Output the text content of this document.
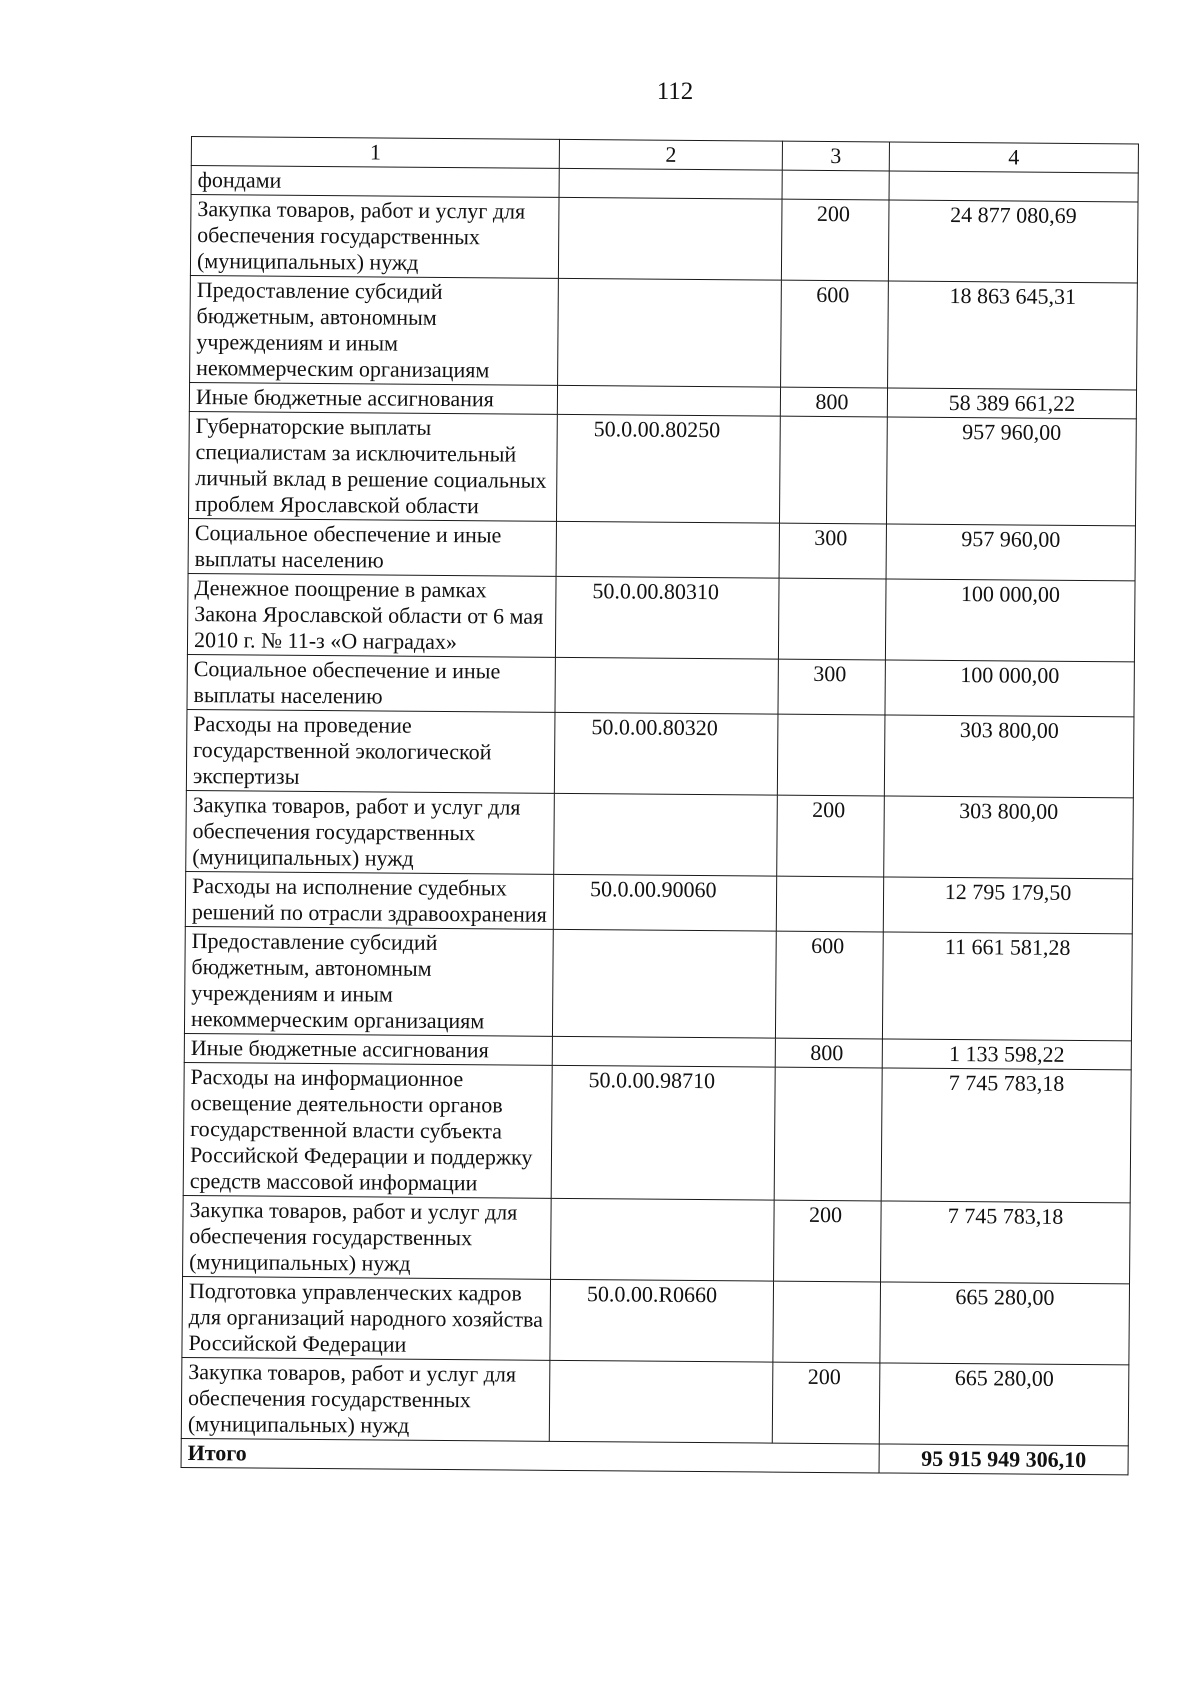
112
1	2	3	4
фондами			
Закупка товаров, работ и услуг для обеспечения государственных (муниципальных) нужд		200	24 877 080,69
Предоставление субсидий бюджетным, автономным учреждениям и иным некоммерческим организациям		600	18 863 645,31
Иные бюджетные ассигнования		800	58 389 661,22
Губернаторские выплаты специалистам за исключительный личный вклад в решение социальных проблем Ярославской области	50.0.00.80250		957 960,00
Социальное обеспечение и иные выплаты населению		300	957 960,00
Денежное поощрение в рамках Закона Ярославской области от 6 мая 2010 г. № 11-з «О наградах»	50.0.00.80310		100 000,00
Социальное обеспечение и иные выплаты населению		300	100 000,00
Расходы на проведение государственной экологической экспертизы	50.0.00.80320		303 800,00
Закупка товаров, работ и услуг для обеспечения государственных (муниципальных) нужд		200	303 800,00
Расходы на исполнение судебных решений по отрасли здравоохранения	50.0.00.90060		12 795 179,50
Предоставление субсидий бюджетным, автономным учреждениям и иным некоммерческим организациям		600	11 661 581,28
Иные бюджетные ассигнования		800	1 133 598,22
Расходы на информационное освещение деятельности органов государственной власти субъекта Российской Федерации и поддержку средств массовой информации	50.0.00.98710		7 745 783,18
Закупка товаров, работ и услуг для обеспечения государственных (муниципальных) нужд		200	7 745 783,18
Подготовка управленческих кадров для организаций народного хозяйства Российской Федерации	50.0.00.R0660		665 280,00
Закупка товаров, работ и услуг для обеспечения государственных (муниципальных) нужд		200	665 280,00
Итого			95 915 949 306,10
